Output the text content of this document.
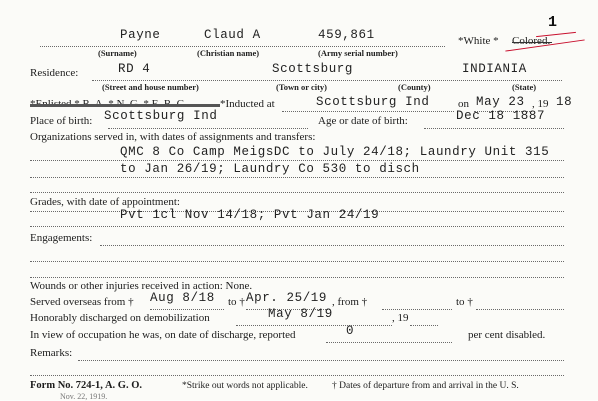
1
Payne	Claud A	459,861
(Surname)	(Christian name)	(Army serial number)
*White * Colored.
Residence:	RD 4	Scottsburg	INDIANIA
(Street and house number)	(Town or city)	(County)	(State)
*Enlisted * R. A. * N. G. * E. R. C.	*Inducted at	Scottsburg Ind	on May 23 , 19 18
Place of birth: Scottsburg Ind	Age or date of birth:	Dec 18 1887
Organizations served in, with dates of assignments and transfers:
QMC 8 Co Camp MeigsDC to July 24/18; Laundry Unit 315
to Jan 26/19; Laundry Co 530 to disch
Grades, with date of appointment:
Pvt 1cl Nov 14/18; Pvt Jan 24/19
Engagements:
Wounds or other injuries received in action: None.
Served overseas from † Aug 8/18 to † Apr. 25/19 , from †	to †
Honorably discharged on demobilization	May 8/19	, 19
In view of occupation he was, on date of discharge, reported	0	per cent disabled.
Remarks:
Form No. 724-1, A. G. O.
Nov. 22, 1919.
*Strike out words not applicable.	† Dates of departure from and arrival in the U. S.
